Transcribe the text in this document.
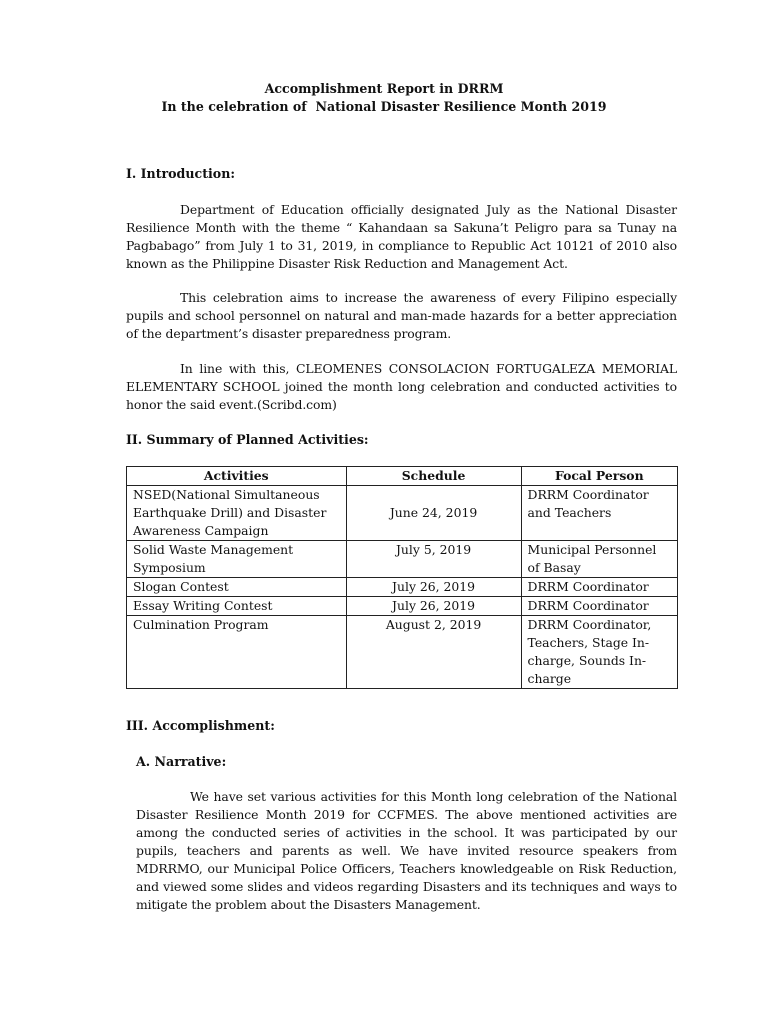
Accomplishment Report in DRRM
In the celebration of  National Disaster Resilience Month 2019
I. Introduction:
Department of Education officially designated July as the National Disaster Resilience Month with the theme “ Kahandaan sa Sakuna’t Peligro para sa Tunay na Pagbabago” from July 1 to 31, 2019, in compliance to Republic Act 10121 of 2010 also known as the Philippine Disaster Risk Reduction and Management Act.
This celebration aims to increase the awareness of every Filipino especially pupils and school personnel on natural and man-made hazards for a better appreciation of the department’s disaster preparedness program.
In line with this, CLEOMENES CONSOLACION FORTUGALEZA MEMORIAL ELEMENTARY SCHOOL joined the month long celebration and conducted activities to honor the said event.(Scribd.com)
II. Summary of Planned Activities:
Activities	Schedule	Focal Person
NSED(National Simultaneous Earthquake Drill) and Disaster Awareness Campaign	June 24, 2019	DRRM Coordinator and Teachers
Solid Waste Management Symposium	July 5, 2019	Municipal Personnel of Basay
Slogan Contest	July 26, 2019	DRRM Coordinator
Essay Writing Contest	July 26, 2019	DRRM Coordinator
Culmination Program	August 2, 2019	DRRM Coordinator, Teachers, Stage In-charge, Sounds In-charge
III. Accomplishment:
A. Narrative:
We have set various activities for this Month long celebration of the National Disaster Resilience Month 2019 for CCFMES. The above mentioned activities are among the conducted series of activities in the school. It was participated by our pupils, teachers and parents as well. We have invited resource speakers from MDRRMO, our Municipal Police Officers, Teachers knowledgeable on Risk Reduction, and viewed some slides and videos regarding Disasters and its techniques and ways to mitigate the problem about the Disasters Management.
